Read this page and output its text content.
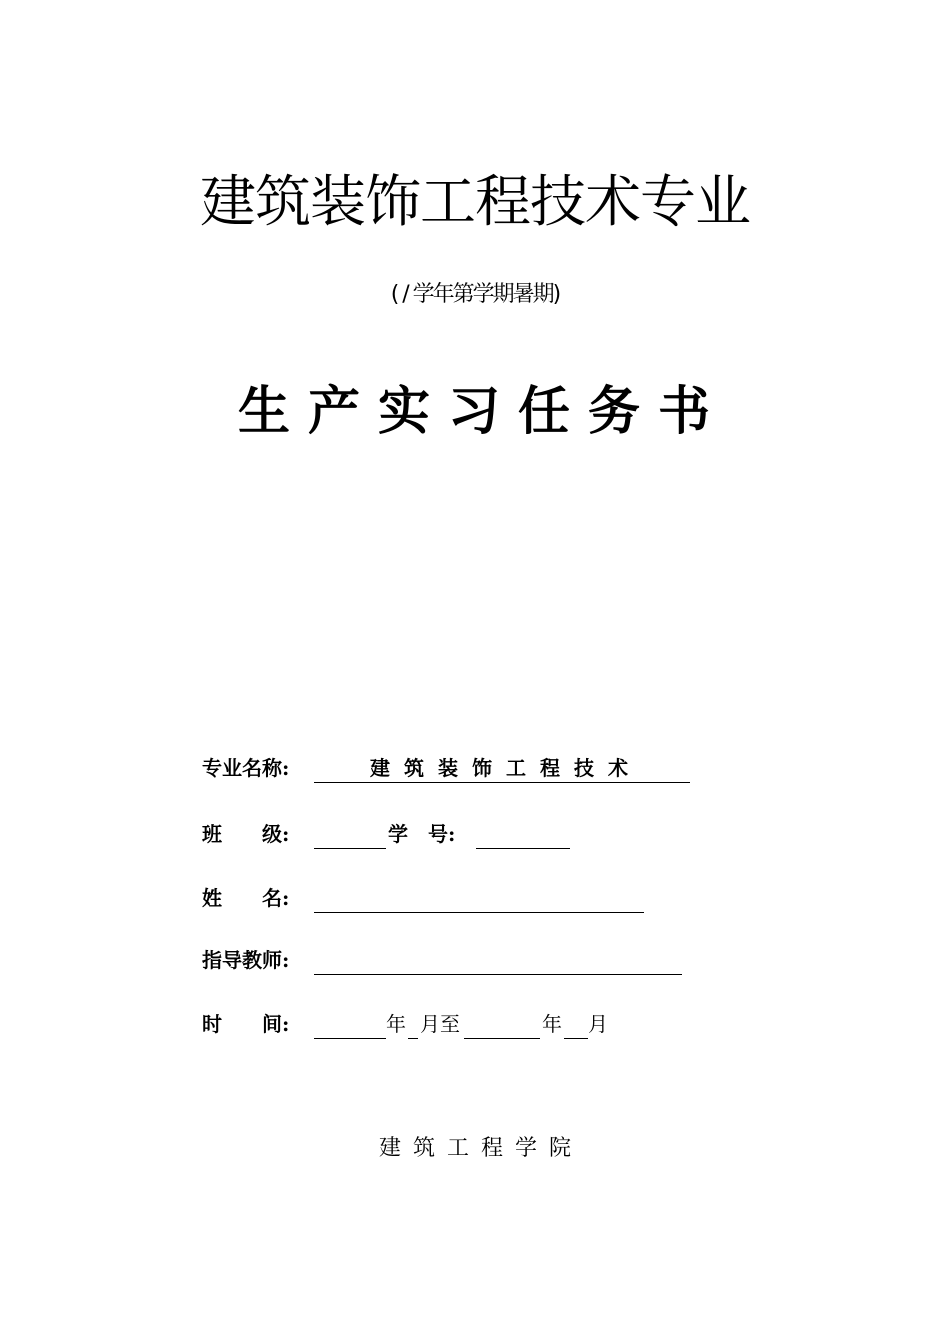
建筑装饰工程技术专业
( / 学年第学期暑期)
生产实习任务书
专业名称:	建筑装饰工程技术
班　　级:	学　号:
姓　　名:
指导教师:
时　　间:	年 月至	年 月
建筑工程学院
